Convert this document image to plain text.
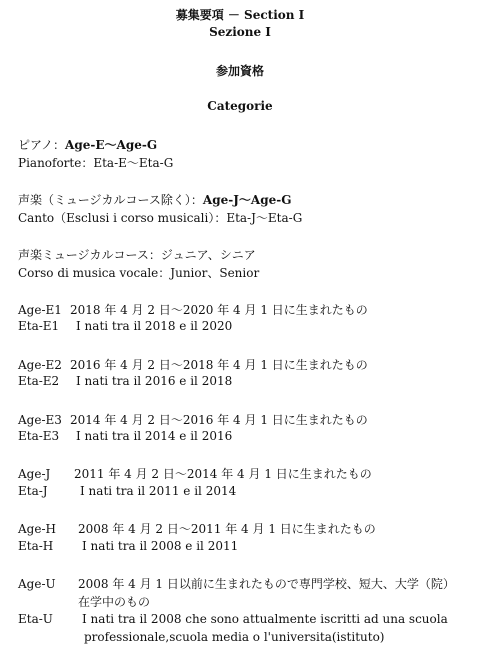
募集要項 － Section I
Sezione I
参加資格
Categorie
ピアノ：Age-E～Age-G
Pianoforte：Eta-E～Eta-G
声楽（ミュージカルコース除く）：Age-J～Age-G
Canto（Esclusi i corso musicali）：Eta-J～Eta-G
声楽ミュージカルコース：ジュニア、シニア
Corso di musica vocale：Junior、Senior
Age-E1 2018 年 4 月 2 日～2020 年 4 月 1 日に生まれたもの
Eta-E1 I nati tra il 2018 e il 2020
Age-E2 2016 年 4 月 2 日～2018 年 4 月 1 日に生まれたもの
Eta-E2 I nati tra il 2016 e il 2018
Age-E3 2014 年 4 月 2 日～2016 年 4 月 1 日に生まれたもの
Eta-E3 I nati tra il 2014 e il 2016
Age-J 2011 年 4 月 2 日～2014 年 4 月 1 日に生まれたもの
Eta-J	I nati tra il 2011 e il 2014
Age-H 2008 年 4 月 2 日～2011 年 4 月 1 日に生まれたもの
Eta-H I nati tra il 2008 e il 2011
Age-U 2008 年 4 月 1 日以前に生まれたもので専門学校、短大、大学（院）
在学中のもの
Eta-U I nati tra il 2008 che sono attualmente iscritti ad una scuola
professionale,scuola media o l'universita(istituto)
